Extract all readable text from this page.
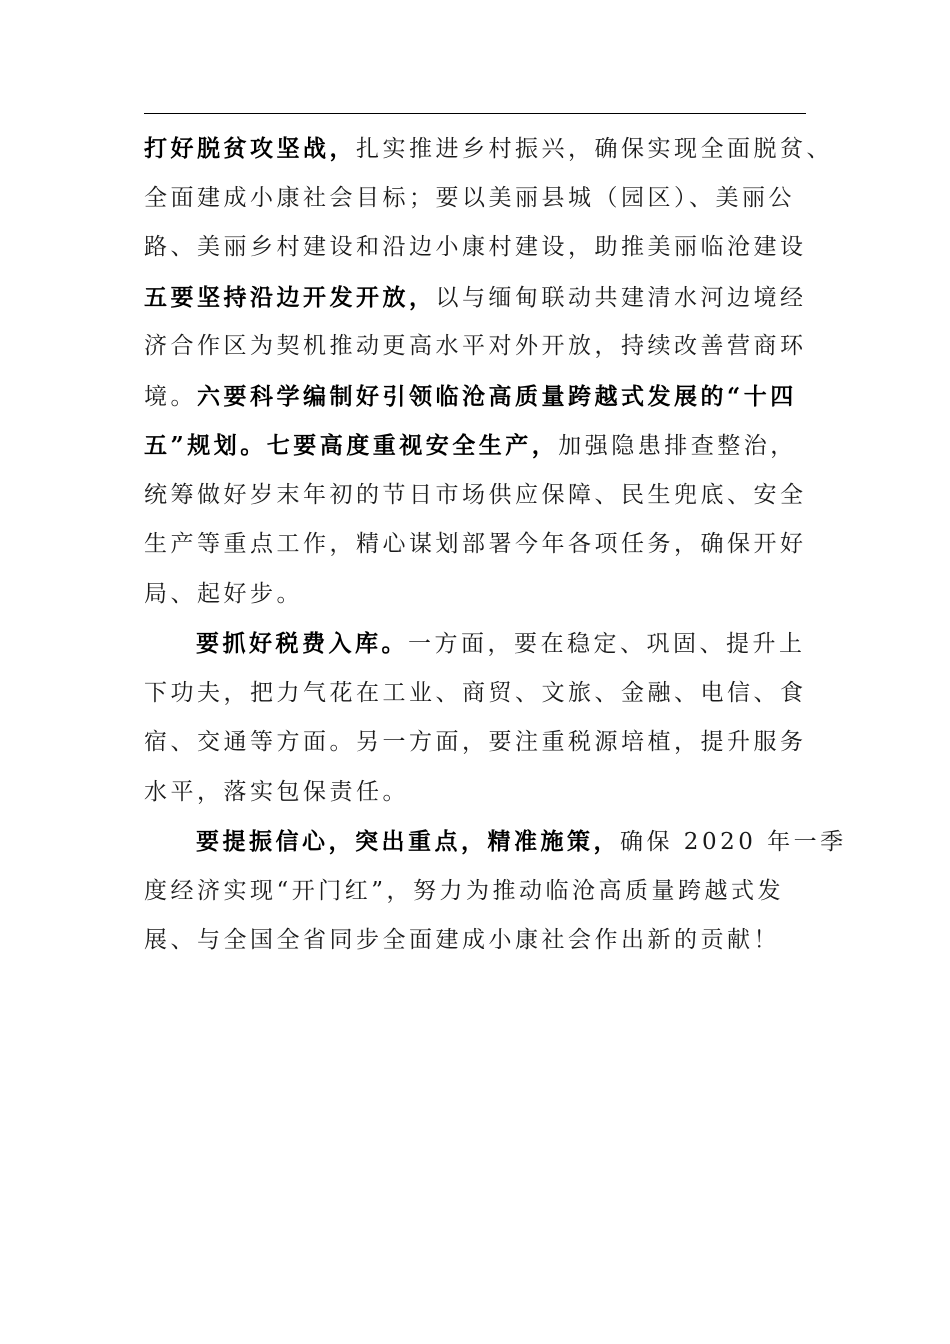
打好脱贫攻坚战，扎实推进乡村振兴，确保实现全面脱贫、
全面建成小康社会目标；要以美丽县城（园区）、美丽公
路、美丽乡村建设和沿边小康村建设，助推美丽临沧建设
五要坚持沿边开发开放，以与缅甸联动共建清水河边境经
济合作区为契机推动更高水平对外开放，持续改善营商环
境。六要科学编制好引领临沧高质量跨越式发展的“十四
五”规划。七要高度重视安全生产，加强隐患排查整治，
统筹做好岁末年初的节日市场供应保障、民生兜底、安全
生产等重点工作，精心谋划部署今年各项任务，确保开好
局、起好步。
要抓好税费入库。一方面，要在稳定、巩固、提升上
下功夫，把力气花在工业、商贸、文旅、金融、电信、食
宿、交通等方面。另一方面，要注重税源培植，提升服务
水平，落实包保责任。
要提振信心，突出重点，精准施策，确保 2020 年一季
度经济实现“开门红”，努力为推动临沧高质量跨越式发
展、与全国全省同步全面建成小康社会作出新的贡献！
